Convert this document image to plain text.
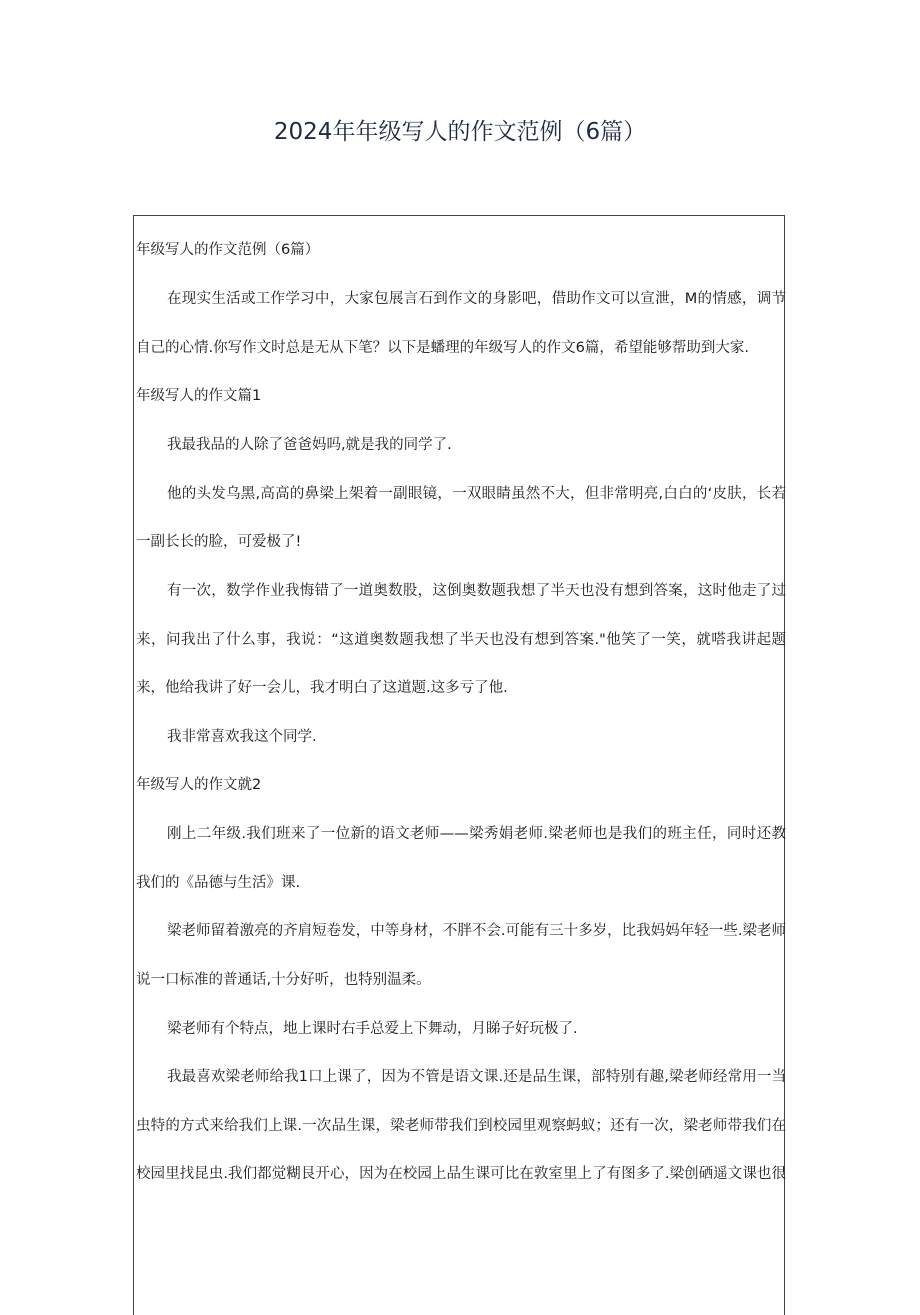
2024年年级写人的作文范例（6篇）
年级写人的作文范例（6篇）
在现实生活或工作学习中，大家包展言石到作文的身影吧，借助作文可以宣泄，M的情感，调节
自己的心情.你写作文时总是无从下笔？以下是蟠理的年级写人的作文6篇，希望能够帮助到大家.
年级写人的作文篇1
我最我品的人除了爸爸妈吗,就是我的同学了.
他的头发乌黑,高高的鼻梁上架着一副眼镜，一双眼睛虽然不大，但非常明亮,白白的‘皮肤，长若
一副长长的脸，可爱极了!
有一次，数学作业我悔错了一道奥数股，这倒奥数题我想了半天也没有想到答案，这时他走了过
来，问我出了什么事，我说：“这道奥数题我想了半天也没有想到答案."他笑了一笑，就嗒我讲起题
来，他给我讲了好一会儿，我才明白了这道题.这多亏了他.
我非常喜欢我这个同学.
年级写人的作文就2
刚上二年级.我们班来了一位新的语文老师——梁秀娟老师.梁老师也是我们的班主任，同时还教
我们的《品德与生活》课.
梁老师留着激亮的齐肩短卷发，中等身材，不胖不会.可能有三十多岁，比我妈妈年轻一些.梁老师
说一口标准的普通话,十分好听，也特别温柔。
梁老师有个特点，地上课时右手总爱上下舞动，月睇子好玩极了.
我最喜欢梁老师给我1口上课了，因为不管是语文课.还是品生课，部特别有趣,梁老师经常用一当
虫特的方式来给我们上课.一次品生课，梁老师带我们到校园里观察蚂蚁；还有一次，梁老师带我们在
校园里找昆虫.我们都觉糊艮开心，因为在校园上品生课可比在敦室里上了有图多了.梁创硒遥文课也很
